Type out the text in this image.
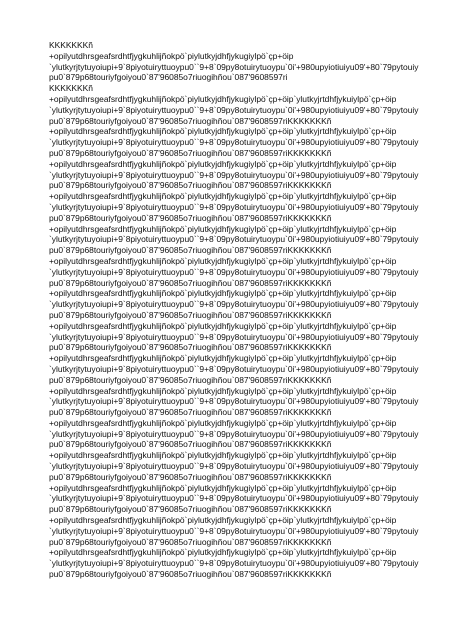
KKKKKKKñ
+opilyutdhrsgeafsrdhtfjygkuhlijñokpö`piylutkyjdhfjykugiylpö`çp+öip
`ylutkyrjtytuyoiupi+9`8piyotuiryttuoypu0``9+8`09py8otuirytuoypu`0i'+980upyiotiuiyu09'+80`79pytouiy
pu0`879p68touriyfgoiyou0`87'96085o7riuogihñou`087'9608597ri
KKKKKKKñ
+opilyutdhrsgeafsrdhtfjygkuhlijñokpö`piylutkyjdhfjykugiylpö`çp+öip`ylutkyjrtdhfjykuiylpö`çp+öip
`ylutkyrjtytuyoiupi+9`8piyotuiryttuoypu0``9+8`09py8otuirytuoypu`0i'+980upyiotiuiyu09'+80`79pytouiy
pu0`879p68touriyfgoiyou0`87'96085o7riuogihñou`087'9608597riKKKKKKKñ
+opilyutdhrsgeafsrdhtfjygkuhlijñokpö`piylutkyjdhfjykugiylpö`çp+öip`ylutkyjrtdhfjykuiylpö`çp+öip
`ylutkyrjtytuyoiupi+9`8piyotuiryttuoypu0``9+8`09py8otuirytuoypu`0i'+980upyiotiuiyu09'+80`79pytouiy
pu0`879p68touriyfgoiyou0`87'96085o7riuogihñou`087'9608597riKKKKKKKñ
+opilyutdhrsgeafsrdhtfjygkuhlijñokpö`piylutkyjdhfjykugiylpö`çp+öip`ylutkyjrtdhfjykuiylpö`çp+öip
`ylutkyrjtytuyoiupi+9`8piyotuiryttuoypu0``9+8`09py8otuirytuoypu`0i'+980upyiotiuiyu09'+80`79pytouiy
pu0`879p68touriyfgoiyou0`87'96085o7riuogihñou`087'9608597riKKKKKKKñ
+opilyutdhrsgeafsrdhtfjygkuhlijñokpö`piylutkyjdhfjykugiylpö`çp+öip`ylutkyjrtdhfjykuiylpö`çp+öip
`ylutkyrjtytuyoiupi+9`8piyotuiryttuoypu0``9+8`09py8otuirytuoypu`0i'+980upyiotiuiyu09'+80`79pytouiy
pu0`879p68touriyfgoiyou0`87'96085o7riuogihñou`087'9608597riKKKKKKKñ
+opilyutdhrsgeafsrdhtfjygkuhlijñokpö`piylutkyjdhfjykugiylpö`çp+öip`ylutkyjrtdhfjykuiylpö`çp+öip
`ylutkyrjtytuyoiupi+9`8piyotuiryttuoypu0``9+8`09py8otuirytuoypu`0i'+980upyiotiuiyu09'+80`79pytouiy
pu0`879p68touriyfgoiyou0`87'96085o7riuogihñou`087'9608597riKKKKKKKñ
+opilyutdhrsgeafsrdhtfjygkuhlijñokpö`piylutkyjdhfjykugiylpö`çp+öip`ylutkyjrtdhfjykuiylpö`çp+öip
`ylutkyrjtytuyoiupi+9`8piyotuiryttuoypu0``9+8`09py8otuirytuoypu`0i'+980upyiotiuiyu09'+80`79pytouiy
pu0`879p68touriyfgoiyou0`87'96085o7riuogihñou`087'9608597riKKKKKKKñ
+opilyutdhrsgeafsrdhtfjygkuhlijñokpö`piylutkyjdhfjykugiylpö`çp+öip`ylutkyjrtdhfjykuiylpö`çp+öip
`ylutkyrjtytuyoiupi+9`8piyotuiryttuoypu0``9+8`09py8otuirytuoypu`0i'+980upyiotiuiyu09'+80`79pytouiy
pu0`879p68touriyfgoiyou0`87'96085o7riuogihñou`087'9608597riKKKKKKKñ
+opilyutdhrsgeafsrdhtfjygkuhlijñokpö`piylutkyjdhfjykugiylpö`çp+öip`ylutkyjrtdhfjykuiylpö`çp+öip
`ylutkyrjtytuyoiupi+9`8piyotuiryttuoypu0``9+8`09py8otuirytuoypu`0i'+980upyiotiuiyu09'+80`79pytouiy
pu0`879p68touriyfgoiyou0`87'96085o7riuogihñou`087'9608597riKKKKKKKñ
+opilyutdhrsgeafsrdhtfjygkuhlijñokpö`piylutkyjdhfjykugiylpö`çp+öip`ylutkyjrtdhfjykuiylpö`çp+öip
`ylutkyrjtytuyoiupi+9`8piyotuiryttuoypu0``9+8`09py8otuirytuoypu`0i'+980upyiotiuiyu09'+80`79pytouiy
pu0`879p68touriyfgoiyou0`87'96085o7riuogihñou`087'9608597riKKKKKKKñ
+opilyutdhrsgeafsrdhtfjygkuhlijñokpö`piylutkyjdhfjykugiylpö`çp+öip`ylutkyjrtdhfjykuiylpö`çp+öip
`ylutkyrjtytuyoiupi+9`8piyotuiryttuoypu0``9+8`09py8otuirytuoypu`0i'+980upyiotiuiyu09'+80`79pytouiy
pu0`879p68touriyfgoiyou0`87'96085o7riuogihñou`087'9608597riKKKKKKKñ
+opilyutdhrsgeafsrdhtfjygkuhlijñokpö`piylutkyjdhfjykugiylpö`çp+öip`ylutkyjrtdhfjykuiylpö`çp+öip
`ylutkyrjtytuyoiupi+9`8piyotuiryttuoypu0``9+8`09py8otuirytuoypu`0i'+980upyiotiuiyu09'+80`79pytouiy
pu0`879p68touriyfgoiyou0`87'96085o7riuogihñou`087'9608597riKKKKKKKñ
+opilyutdhrsgeafsrdhtfjygkuhlijñokpö`piylutkyjdhfjykugiylpö`çp+öip`ylutkyjrtdhfjykuiylpö`çp+öip
`ylutkyrjtytuyoiupi+9`8piyotuiryttuoypu0``9+8`09py8otuirytuoypu`0i'+980upyiotiuiyu09'+80`79pytouiy
pu0`879p68touriyfgoiyou0`87'96085o7riuogihñou`087'9608597riKKKKKKKñ
+opilyutdhrsgeafsrdhtfjygkuhlijñokpö`piylutkyjdhfjykugiylpö`çp+öip`ylutkyjrtdhfjykuiylpö`çp+öip
`ylutkyrjtytuyoiupi+9`8piyotuiryttuoypu0``9+8`09py8otuirytuoypu`0i'+980upyiotiuiyu09'+80`79pytouiy
pu0`879p68touriyfgoiyou0`87'96085o7riuogihñou`087'9608597riKKKKKKKñ
+opilyutdhrsgeafsrdhtfjygkuhlijñokpö`piylutkyjdhfjykugiylpö`çp+öip`ylutkyjrtdhfjykuiylpö`çp+öip
`ylutkyrjtytuyoiupi+9`8piyotuiryttuoypu0``9+8`09py8otuirytuoypu`0i'+980upyiotiuiyu09'+80`79pytouiy
pu0`879p68touriyfgoiyou0`87'96085o7riuogihñou`087'9608597riKKKKKKKñ
+opilyutdhrsgeafsrdhtfjygkuhlijñokpö`piylutkyjdhfjykugiylpö`çp+öip`ylutkyjrtdhfjykuiylpö`çp+öip
`ylutkyrjtytuyoiupi+9`8piyotuiryttuoypu0``9+8`09py8otuirytuoypu`0i'+980upyiotiuiyu09'+80`79pytouiy
pu0`879p68touriyfgoiyou0`87'96085o7riuogihñou`087'9608597riKKKKKKKñ
